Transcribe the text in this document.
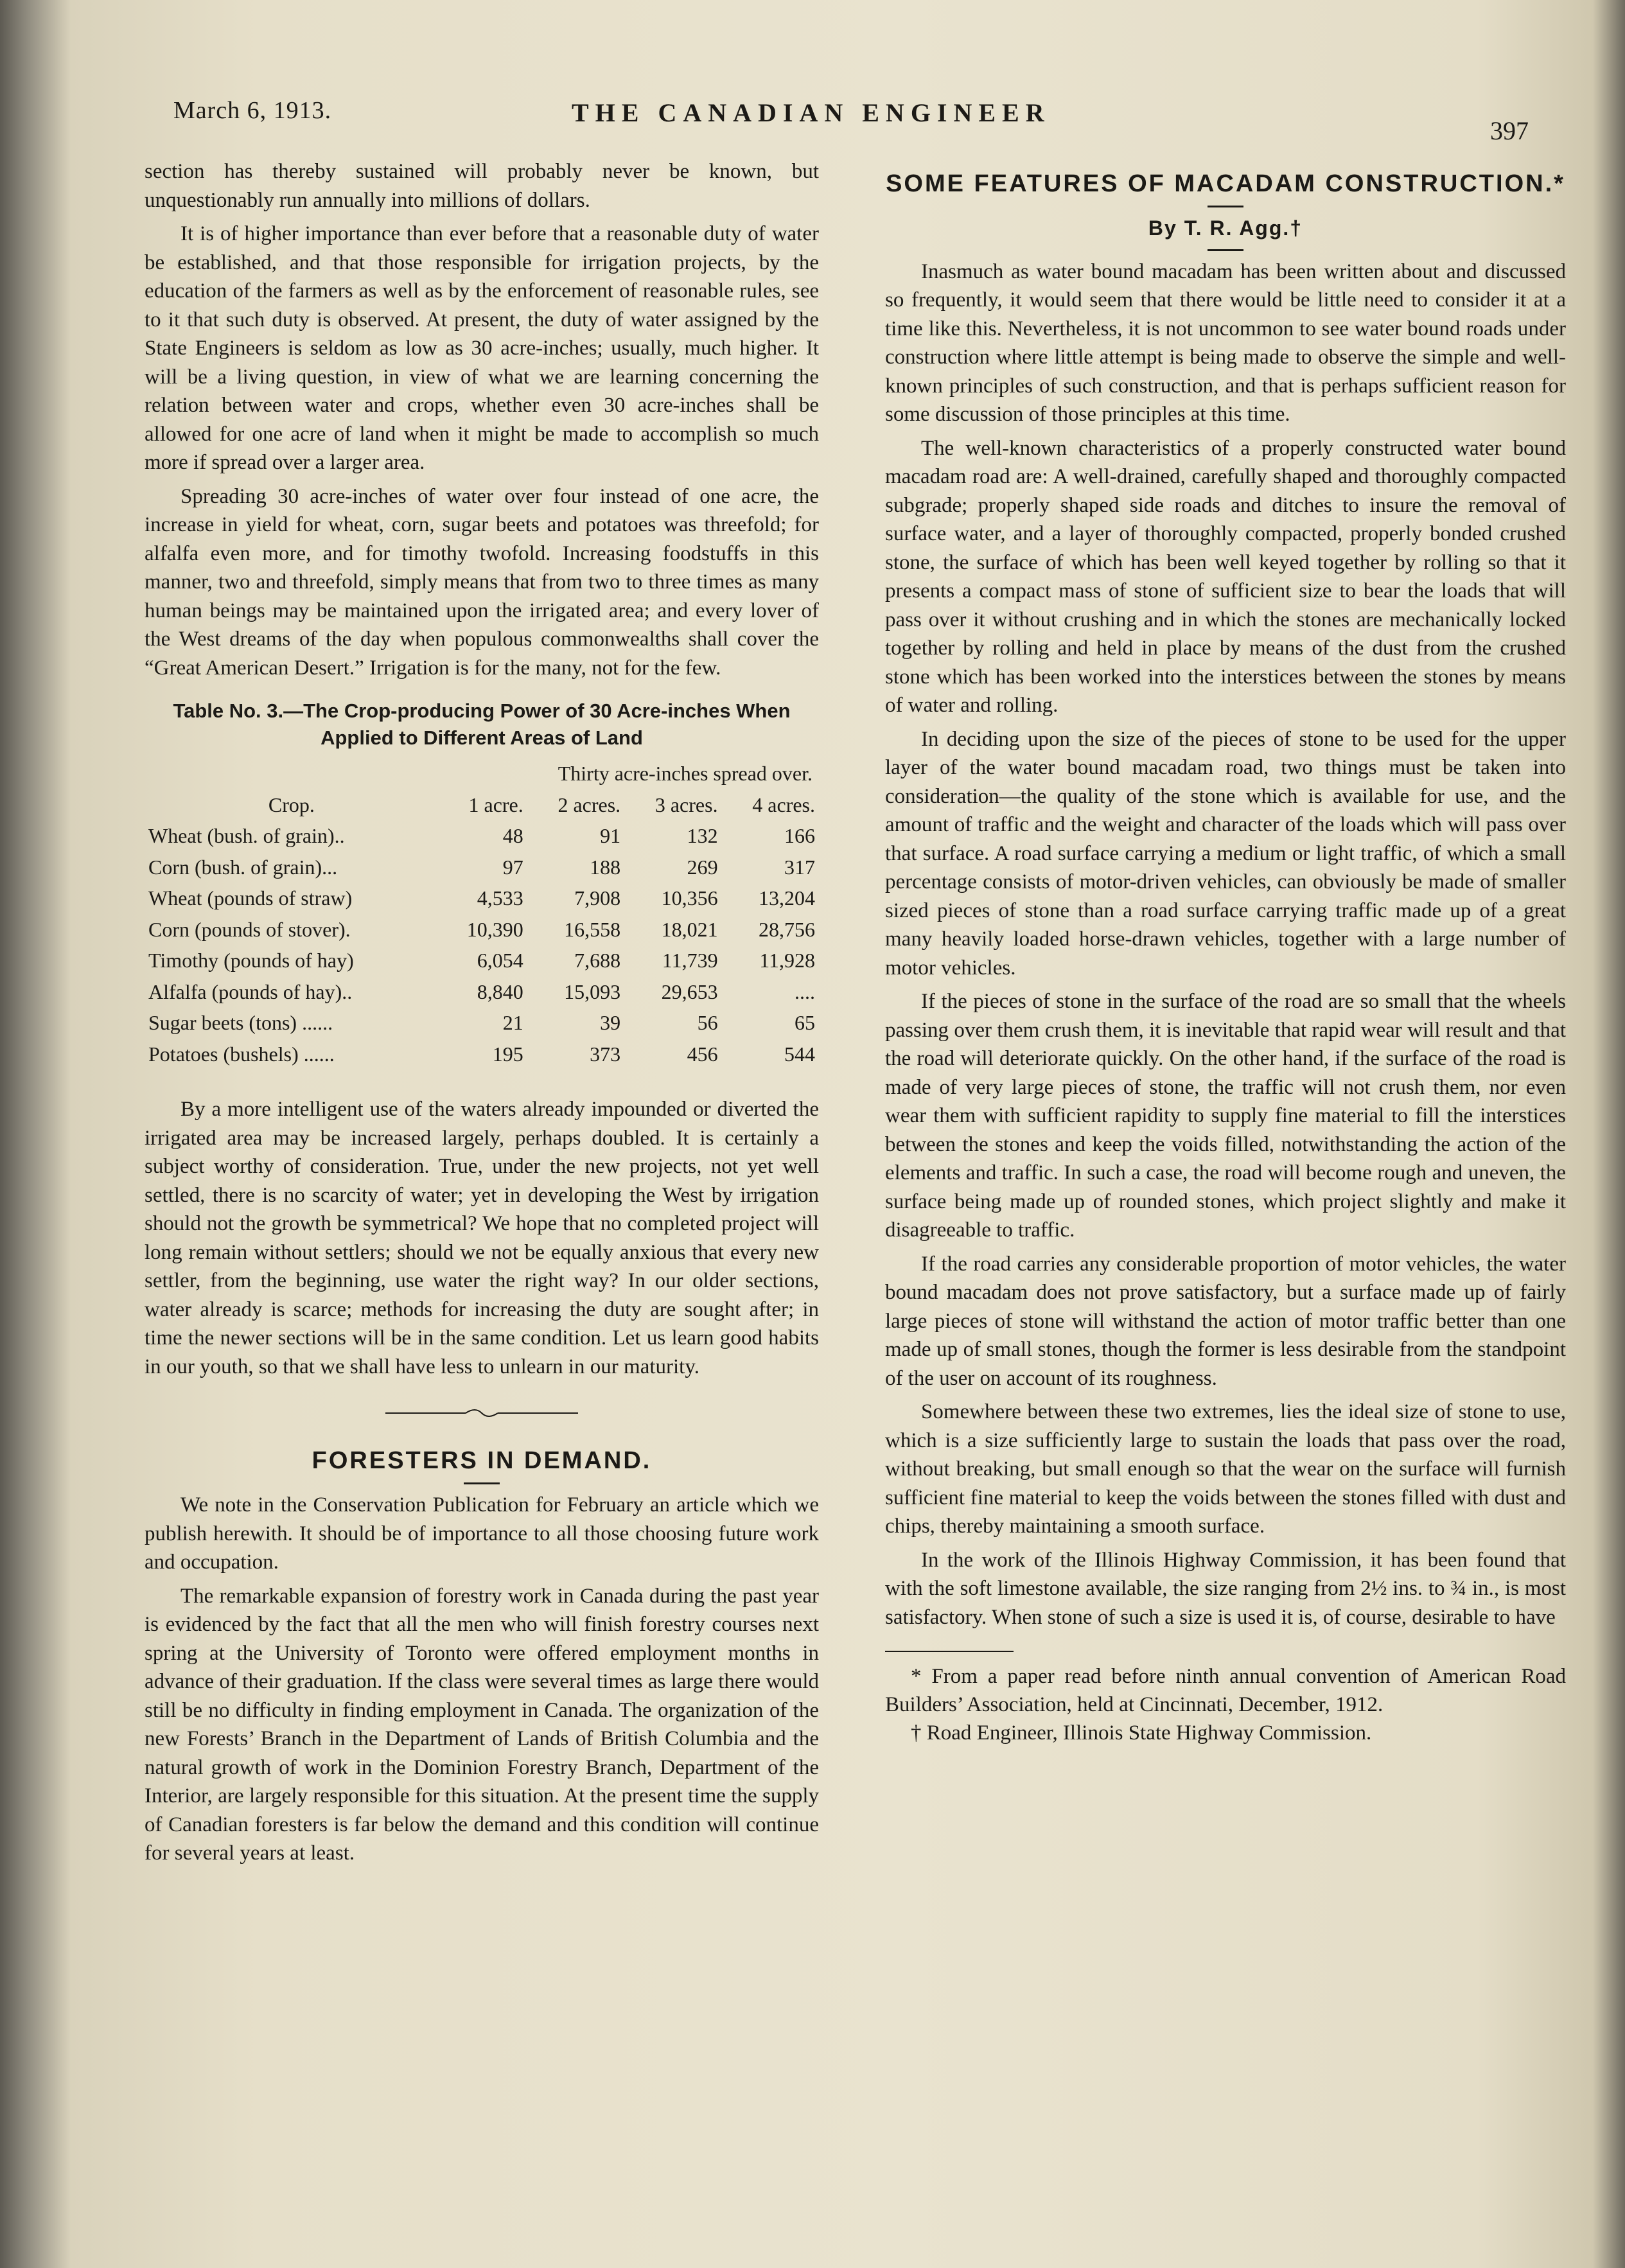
March 6, 1913.	THE CANADIAN ENGINEER
397

section has thereby sustained will probably never be known, but unquestionably run annually into millions of dollars.

It is of higher importance than ever before that a reasonable duty of water be established, and that those responsible for irrigation projects, by the education of the farmers as well as by the enforcement of reasonable rules, see to it that such duty is observed. At present, the duty of water assigned by the State Engineers is seldom as low as 30 acre-inches; usually, much higher. It will be a living question, in view of what we are learning concerning the relation between water and crops, whether even 30 acre-inches shall be allowed for one acre of land when it might be made to accomplish so much more if spread over a larger area.

Spreading 30 acre-inches of water over four instead of one acre, the increase in yield for wheat, corn, sugar beets and potatoes was threefold; for alfalfa even more, and for timothy twofold. Increasing foodstuffs in this manner, two and threefold, simply means that from two to three times as many human beings may be maintained upon the irrigated area; and every lover of the West dreams of the day when populous commonwealths shall cover the “Great American Desert.” Irrigation is for the many, not for the few.

Table No. 3.—The Crop-producing Power of 30 Acre-inches When Applied to Different Areas of Land
	Thirty acre-inches spread over.			
Crop.	1 acre.	2 acres.	3 acres.	4 acres.
Wheat (bush. of grain)..	48	91	132	166
Corn (bush. of grain)...	97	188	269	317
Wheat (pounds of straw)	4,533	7,908	10,356	13,204
Corn (pounds of stover).	10,390	16,558	18,021	28,756
Timothy (pounds of hay)	6,054	7,688	11,739	11,928
Alfalfa (pounds of hay)..	8,840	15,093	29,653	....
Sugar beets (tons) ......	21	39	56	65
Potatoes (bushels) ......	195	373	456	544

By a more intelligent use of the waters already impounded or diverted the irrigated area may be increased largely, perhaps doubled. It is certainly a subject worthy of consideration. True, under the new projects, not yet well settled, there is no scarcity of water; yet in developing the West by irrigation should not the growth be symmetrical? We hope that no completed project will long remain without settlers; should we not be equally anxious that every new settler, from the beginning, use water the right way? In our older sections, water already is scarce; methods for increasing the duty are sought after; in time the newer sections will be in the same condition. Let us learn good habits in our youth, so that we shall have less to unlearn in our maturity.

FORESTERS IN DEMAND.

We note in the Conservation Publication for February an article which we publish herewith. It should be of importance to all those choosing future work and occupation.

The remarkable expansion of forestry work in Canada during the past year is evidenced by the fact that all the men who will finish forestry courses next spring at the University of Toronto were offered employment months in advance of their graduation. If the class were several times as large there would still be no difficulty in finding employment in Canada. The organization of the new Forests’ Branch in the Department of Lands of British Columbia and the natural growth of work in the Dominion Forestry Branch, Department of the Interior, are largely responsible for this situation. At the present time the supply of Canadian foresters is far below the demand and this condition will continue for several years at least.

SOME FEATURES OF MACADAM CONSTRUCTION.*
By T. R. Agg.†

Inasmuch as water bound macadam has been written about and discussed so frequently, it would seem that there would be little need to consider it at a time like this. Nevertheless, it is not uncommon to see water bound roads under construction where little attempt is being made to observe the simple and well-known principles of such construction, and that is perhaps sufficient reason for some discussion of those principles at this time.

The well-known characteristics of a properly constructed water bound macadam road are: A well-drained, carefully shaped and thoroughly compacted subgrade; properly shaped side roads and ditches to insure the removal of surface water, and a layer of thoroughly compacted, properly bonded crushed stone, the surface of which has been well keyed together by rolling so that it presents a compact mass of stone of sufficient size to bear the loads that will pass over it without crushing and in which the stones are mechanically locked together by rolling and held in place by means of the dust from the crushed stone which has been worked into the interstices between the stones by means of water and rolling.

In deciding upon the size of the pieces of stone to be used for the upper layer of the water bound macadam road, two things must be taken into consideration—the quality of the stone which is available for use, and the amount of traffic and the weight and character of the loads which will pass over that surface. A road surface carrying a medium or light traffic, of which a small percentage consists of motor-driven vehicles, can obviously be made of smaller sized pieces of stone than a road surface carrying traffic made up of a great many heavily loaded horse-drawn vehicles, together with a large number of motor vehicles.

If the pieces of stone in the surface of the road are so small that the wheels passing over them crush them, it is inevitable that rapid wear will result and that the road will deteriorate quickly. On the other hand, if the surface of the road is made of very large pieces of stone, the traffic will not crush them, nor even wear them with sufficient rapidity to supply fine material to fill the interstices between the stones and keep the voids filled, notwithstanding the action of the elements and traffic. In such a case, the road will become rough and uneven, the surface being made up of rounded stones, which project slightly and make it disagreeable to traffic.

If the road carries any considerable proportion of motor vehicles, the water bound macadam does not prove satisfactory, but a surface made up of fairly large pieces of stone will withstand the action of motor traffic better than one made up of small stones, though the former is less desirable from the standpoint of the user on account of its roughness.

Somewhere between these two extremes, lies the ideal size of stone to use, which is a size sufficiently large to sustain the loads that pass over the road, without breaking, but small enough so that the wear on the surface will furnish sufficient fine material to keep the voids between the stones filled with dust and chips, thereby maintaining a smooth surface.

In the work of the Illinois Highway Commission, it has been found that with the soft limestone available, the size ranging from 2½ ins. to ¾ in., is most satisfactory. When stone of such a size is used it is, of course, desirable to have

* From a paper read before ninth annual convention of American Road Builders’ Association, held at Cincinnati, December, 1912.

† Road Engineer, Illinois State Highway Commission.
